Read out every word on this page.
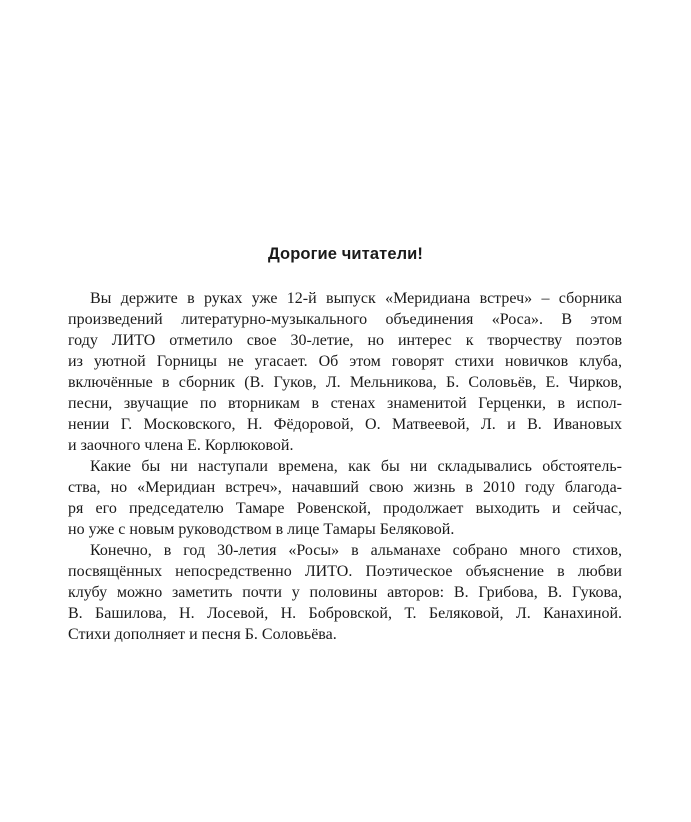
Дорогие читатели!
Вы держите в руках уже 12-й выпуск «Меридиана встреч» – сборника
произведений литературно-музыкального объединения «Роса». В этом
году ЛИТО отметило свое 30-летие, но интерес к творчеству поэтов
из уютной Горницы не угасает. Об этом говорят стихи новичков клуба,
включённые в сборник (В. Гуков, Л. Мельникова, Б. Соловьёв, Е. Чирков,
песни, звучащие по вторникам в стенах знаменитой Герценки, в испол-
нении Г. Московского, Н. Фёдоровой, О. Матвеевой, Л. и В. Ивановых
и заочного члена Е. Корлюковой.
Какие бы ни наступали времена, как бы ни складывались обстоятель-
ства, но «Меридиан встреч», начавший свою жизнь в 2010 году благода-
ря его председателю Тамаре Ровенской, продолжает выходить и сейчас,
но уже с новым руководством в лице Тамары Беляковой.
Конечно, в год 30-летия «Росы» в альманахе собрано много стихов,
посвящённых непосредственно ЛИТО. Поэтическое объяснение в любви
клубу можно заметить почти у половины авторов: В. Грибова, В. Гукова,
В. Башилова, Н. Лосевой, Н. Бобровской, Т. Беляковой, Л. Канахиной.
Стихи дополняет и песня Б. Соловьёва.
